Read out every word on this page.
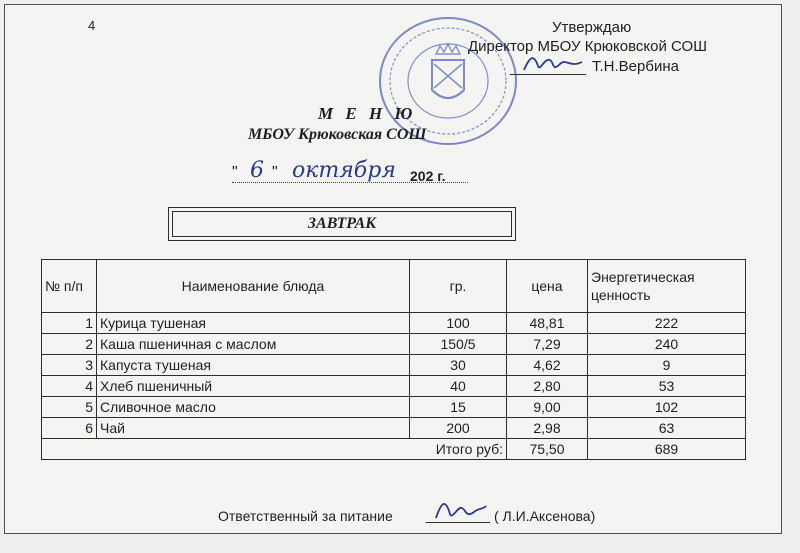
4	Утверждаю
Директор МБОУ Крюковской СОШ
Т.Н.Вербина
М Е Н Ю
МБОУ Крюковская СОШ
" 6 " октября 202 г.
ЗАВТРАК
№ п/п	Наименование блюда	гр.	цена	Энергетическая ценность
1	Курица тушеная	100	48,81	222
2	Каша пшеничная с маслом	150/5	7,29	240
3	Капуста тушеная	30	4,62	9
4	Хлеб пшеничный	40	2,80	53
5	Сливочное масло	15	9,00	102
6	Чай	200	2,98	63
Итого руб:			75,50	689
Ответственный за питание	( Л.И.Аксенова)
